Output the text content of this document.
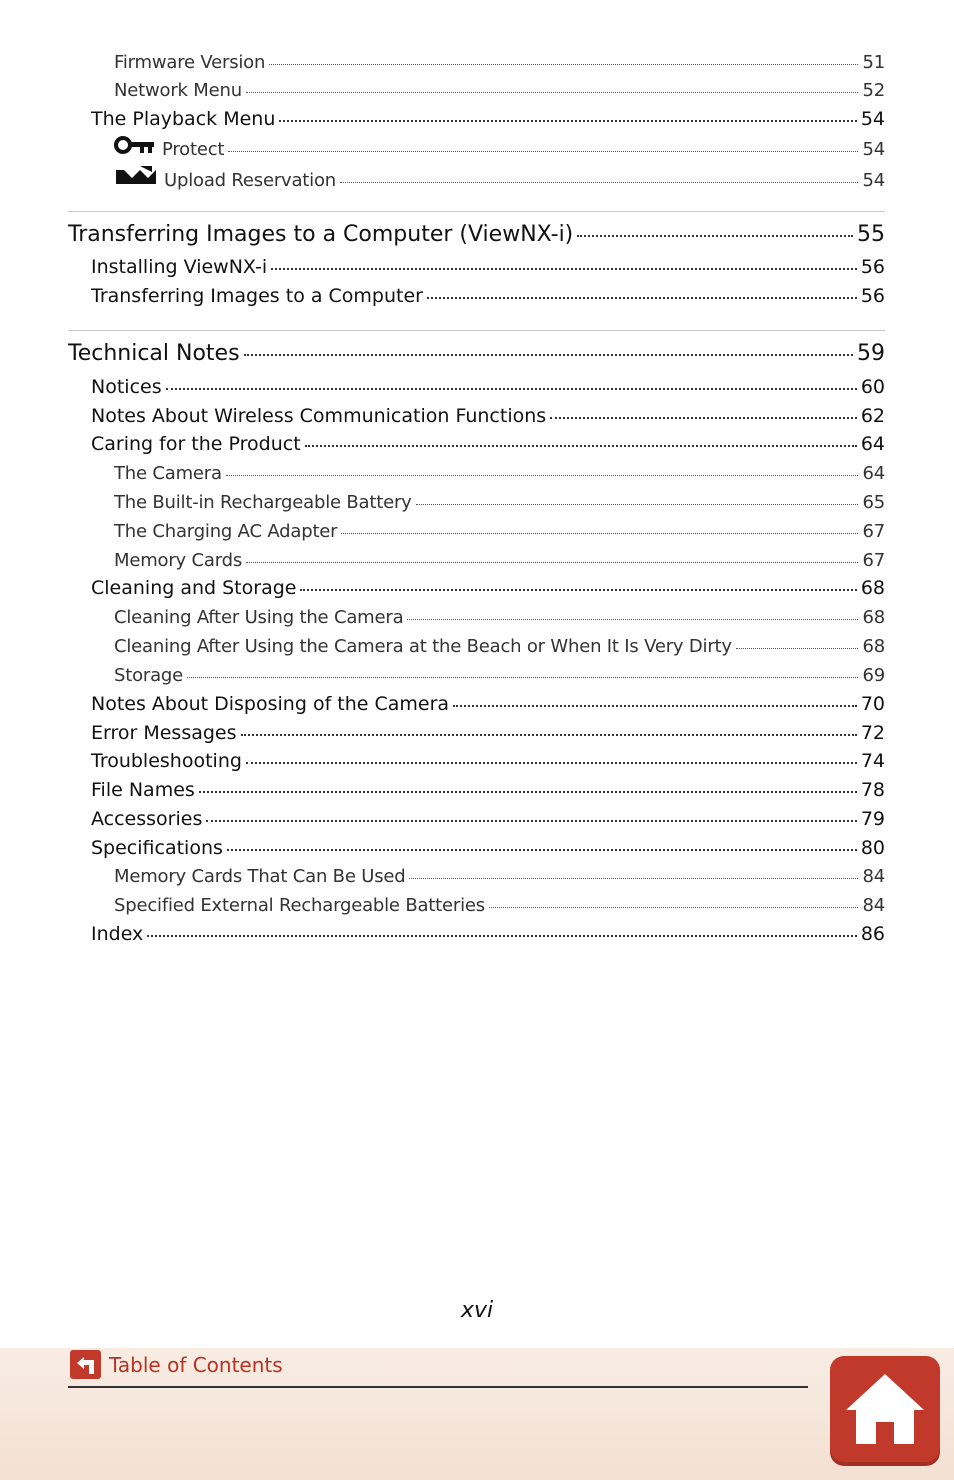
Firmware Version	51
Network Menu	52
The Playback Menu	54
Protect	54
Upload Reservation	54
Transferring Images to a Computer (ViewNX-i)	55
Installing ViewNX-i	56
Transferring Images to a Computer	56
Technical Notes	59
Notices	60
Notes About Wireless Communication Functions	62
Caring for the Product	64
The Camera	64
The Built-in Rechargeable Battery	65
The Charging AC Adapter	67
Memory Cards	67
Cleaning and Storage	68
Cleaning After Using the Camera	68
Cleaning After Using the Camera at the Beach or When It Is Very Dirty	68
Storage	69
Notes About Disposing of the Camera	70
Error Messages	72
Troubleshooting	74
File Names	78
Accessories	79
Specifications	80
Memory Cards That Can Be Used	84
Specified External Rechargeable Batteries	84
Index	86
xvi
Table of Contents
